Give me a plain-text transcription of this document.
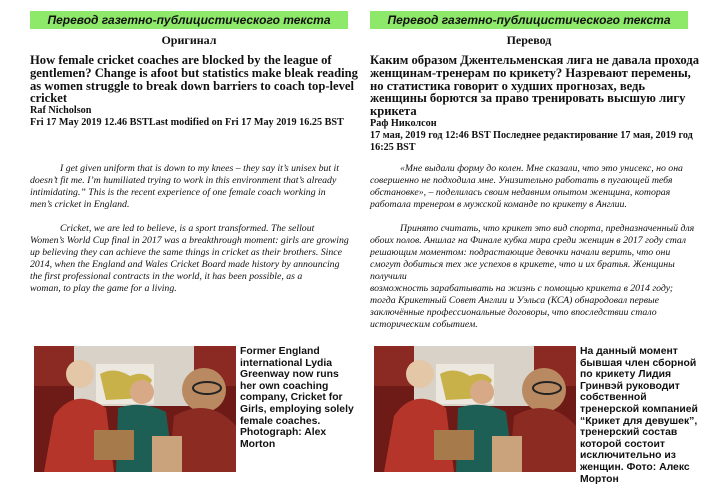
Перевод газетно-публицистического текста
Оригинал
How female cricket coaches are blocked by the league of gentlemen? Change is afoot but statistics make bleak reading as women struggle to break down barriers to coach top-level cricket
Raf Nicholson
Fri 17 May 2019 12.46 BSTLast modified on Fri 17 May 2019 16.25 BST

I get given uniform that is down to my knees – they say it’s unisex but it doesn’t fit me. I’m humiliated trying to work in this environment that’s already intimidating.” This is the recent experience of one female coach working in men’s cricket in England.

Cricket, we are led to believe, is a sport transformed. The sellout Women’s World Cup final in 2017 was a breakthrough moment: girls are growing up believing they can achieve the same things in cricket as their brothers. Since 2014, when the England and Wales Cricket Board made history by announcing the first professional contracts in the world, it has been possible, as a

woman, to play the game for a living.

Former England international Lydia Greenway now runs her own coaching company, Cricket for Girls, employing solely female coaches. Photograph: Alex Morton
Перевод газетно-публицистического текста
Перевод
Каким образом Джентельменская лига не давала прохода женщинам-тренерам по крикету? Назревают перемены, но статистика говорит о худших прогнозах, ведь женщины борются за право тренировать высшую лигу крикета
Раф Николсон
17 мая, 2019 год 12:46 BST Последнее редактирование 17 мая, 2019 год 16:25 BST

«Мне выдали форму до колен. Мне сказали, что это унисекс, но она совершенно не подходила мне. Унизительно работать в пугающей тебя обстановке», – поделилась своим недавним опытом женщина, которая работала тренером в мужской команде по крикету в Англии.

Принято считать, что крикет это вид спорта, предназначенный для обоих полов. Аншлаг на Финале кубка мира среди женщин в 2017 году стал решающим моментом: подрастающие девочки начали верить, что они смогут добиться тех же успехов в крикете, что и их братья. Женщины получили

возможность зарабатывать на жизнь с помощью крикета в 2014 году; тогда Крикетный Совет Англии и Уэльса (КСА) обнародовал первые заключённые профессиональные договоры, что впоследствии стало историческим событием.

На данный момент бывшая член сборной по крикету Лидия Гринвэй руководит собственной тренерской компанией “Крикет для девушек”, тренерский состав которой состоит исключительно из женщин. Фото: Алекс Мортон
